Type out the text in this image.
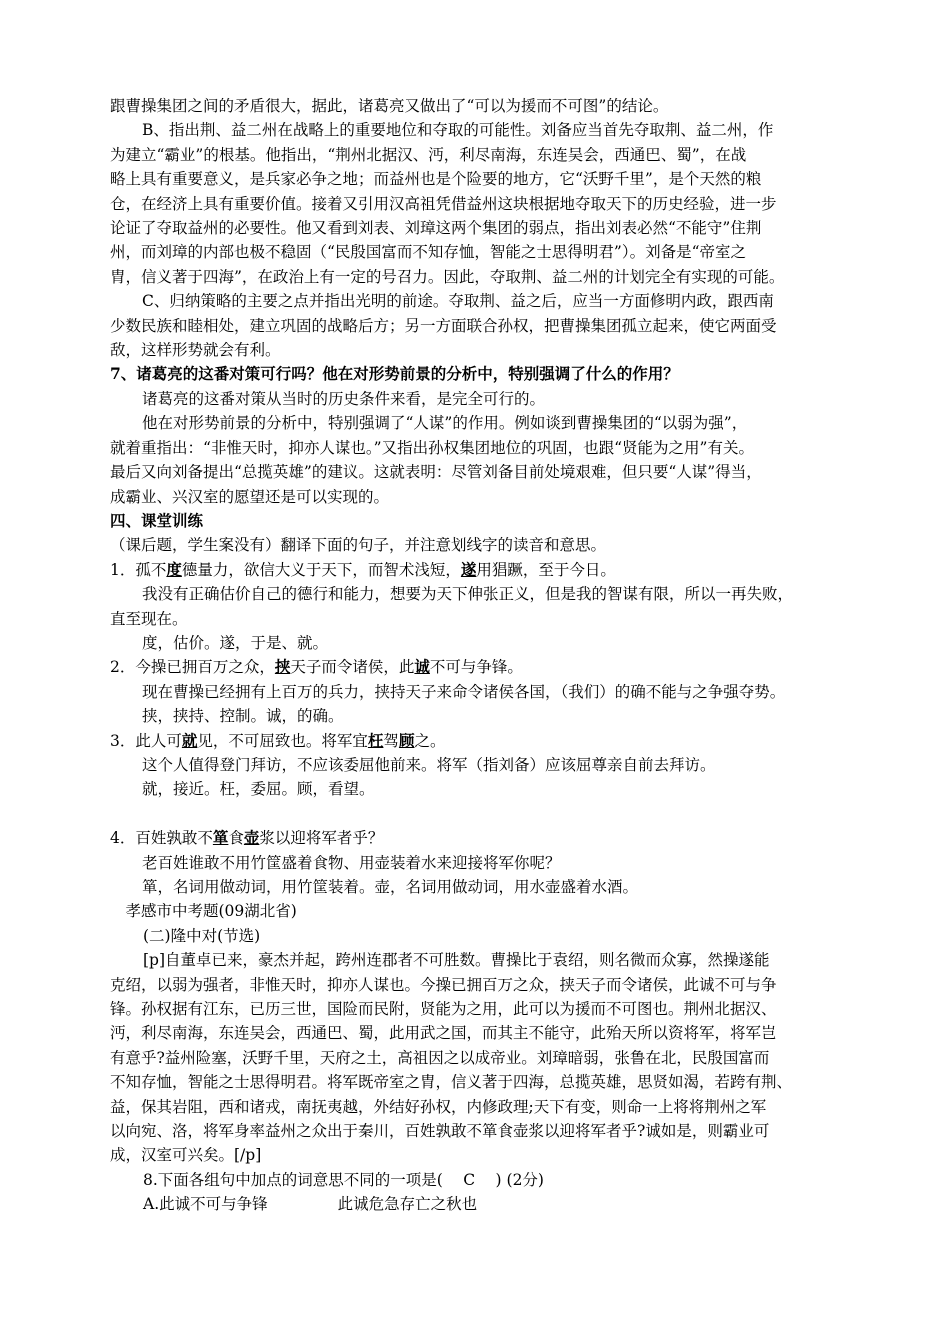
跟曹操集团之间的矛盾很大，据此，诸葛亮又做出了“可以为援而不可图”的结论。
B、指出荆、益二州在战略上的重要地位和夺取的可能性。刘备应当首先夺取荆、益二州，作
为建立“霸业”的根基。他指出，“荆州北据汉、沔，利尽南海，东连吴会，西通巴、蜀”，在战
略上具有重要意义，是兵家必争之地；而益州也是个险要的地方，它“沃野千里”，是个天然的粮
仓，在经济上具有重要价值。接着又引用汉高祖凭借益州这块根据地夺取天下的历史经验，进一步
论证了夺取益州的必要性。他又看到刘表、刘璋这两个集团的弱点，指出刘表必然“不能守”住荆
州，而刘璋的内部也极不稳固（“民殷国富而不知存恤，智能之士思得明君”）。刘备是“帝室之
胄，信义著于四海”，在政治上有一定的号召力。因此，夺取荆、益二州的计划完全有实现的可能。
C、归纳策略的主要之点并指出光明的前途。夺取荆、益之后，应当一方面修明内政，跟西南
少数民族和睦相处，建立巩固的战略后方；另一方面联合孙权，把曹操集团孤立起来，使它两面受
敌，这样形势就会有利。
7、诸葛亮的这番对策可行吗？他在对形势前景的分析中，特别强调了什么的作用？
诸葛亮的这番对策从当时的历史条件来看，是完全可行的。
他在对形势前景的分析中，特别强调了“人谋”的作用。例如谈到曹操集团的“以弱为强”，
就着重指出：“非惟天时，抑亦人谋也。”又指出孙权集团地位的巩固，也跟“贤能为之用”有关。
最后又向刘备提出“总揽英雄”的建议。这就表明：尽管刘备目前处境艰难，但只要“人谋”得当，
成霸业、兴汉室的愿望还是可以实现的。
四、课堂训练
（课后题，学生案没有）翻译下面的句子，并注意划线字的读音和意思。
1．孤不度德量力，欲信大义于天下，而智术浅短，遂用猖蹶，至于今日。
我没有正确估价自己的德行和能力，想要为天下伸张正义，但是我的智谋有限，所以一再失败，
直至现在。
度，估价。遂，于是、就。
2．今操已拥百万之众，挟天子而令诸侯，此诚不可与争锋。
现在曹操已经拥有上百万的兵力，挟持天子来命令诸侯各国，（我们）的确不能与之争强夺势。
挟，挟持、控制。诚，的确。
3．此人可就见，不可屈致也。将军宜枉驾顾之。
这个人值得登门拜访，不应该委屈他前来。将军（指刘备）应该屈尊亲自前去拜访。
就，接近。枉，委屈。顾，看望。
4．百姓孰敢不箪食壶浆以迎将军者乎？
老百姓谁敢不用竹筐盛着食物、用壶装着水来迎接将军你呢？
箪，名词用做动词，用竹筐装着。壶，名词用做动词，用水壶盛着水酒。
　孝感市中考题(09湖北省)
(二)隆中对(节选)
[p]自董卓已来，豪杰并起，跨州连郡者不可胜数。曹操比于袁绍，则名微而众寡，然操遂能
克绍，以弱为强者，非惟天时，抑亦人谋也。今操已拥百万之众，挟天子而令诸侯，此诚不可与争
锋。孙权据有江东，已历三世，国险而民附，贤能为之用，此可以为援而不可图也。荆州北据汉、
沔，利尽南海，东连吴会，西通巴、蜀，此用武之国，而其主不能守，此殆天所以资将军，将军岂
有意乎?益州险塞，沃野千里，天府之土，高祖因之以成帝业。刘璋暗弱，张鲁在北，民殷国富而
不知存恤，智能之士思得明君。将军既帝室之胄，信义著于四海，总揽英雄，思贤如渴，若跨有荆、
益，保其岩阻，西和诸戎，南抚夷越，外结好孙权，内修政理;天下有变，则命一上将将荆州之军
以向宛、洛，将军身率益州之众出于秦川，百姓孰敢不箪食壶浆以迎将军者乎?诚如是，则霸业可
成，汉室可兴矣。[/p]
8.下面各组句中加点的词意思不同的一项是(　 C　 ) (2分)
A.此诚不可与争锋	此诚危急存亡之秋也
